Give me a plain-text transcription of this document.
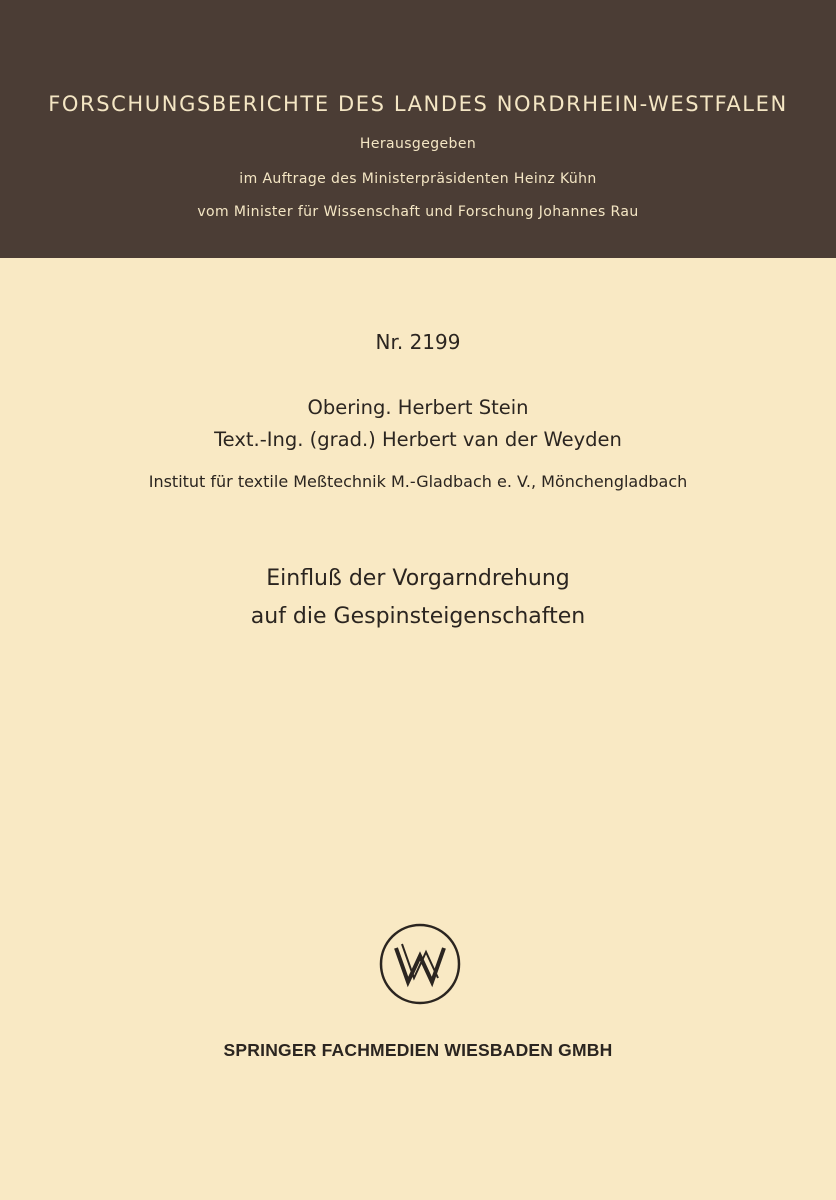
FORSCHUNGSBERICHTE DES LANDES NORDRHEIN-WESTFALEN
Herausgegeben
im Auftrage des Ministerpräsidenten Heinz Kühn
vom Minister für Wissenschaft und Forschung Johannes Rau
Nr. 2199
Obering. Herbert Stein
Text.-Ing. (grad.) Herbert van der Weyden
Institut für textile Meßtechnik M.-Gladbach e. V., Mönchengladbach
Einfluß der Vorgarndrehung
auf die Gespinsteigenschaften
SPRINGER FACHMEDIEN WIESBADEN GMBH
